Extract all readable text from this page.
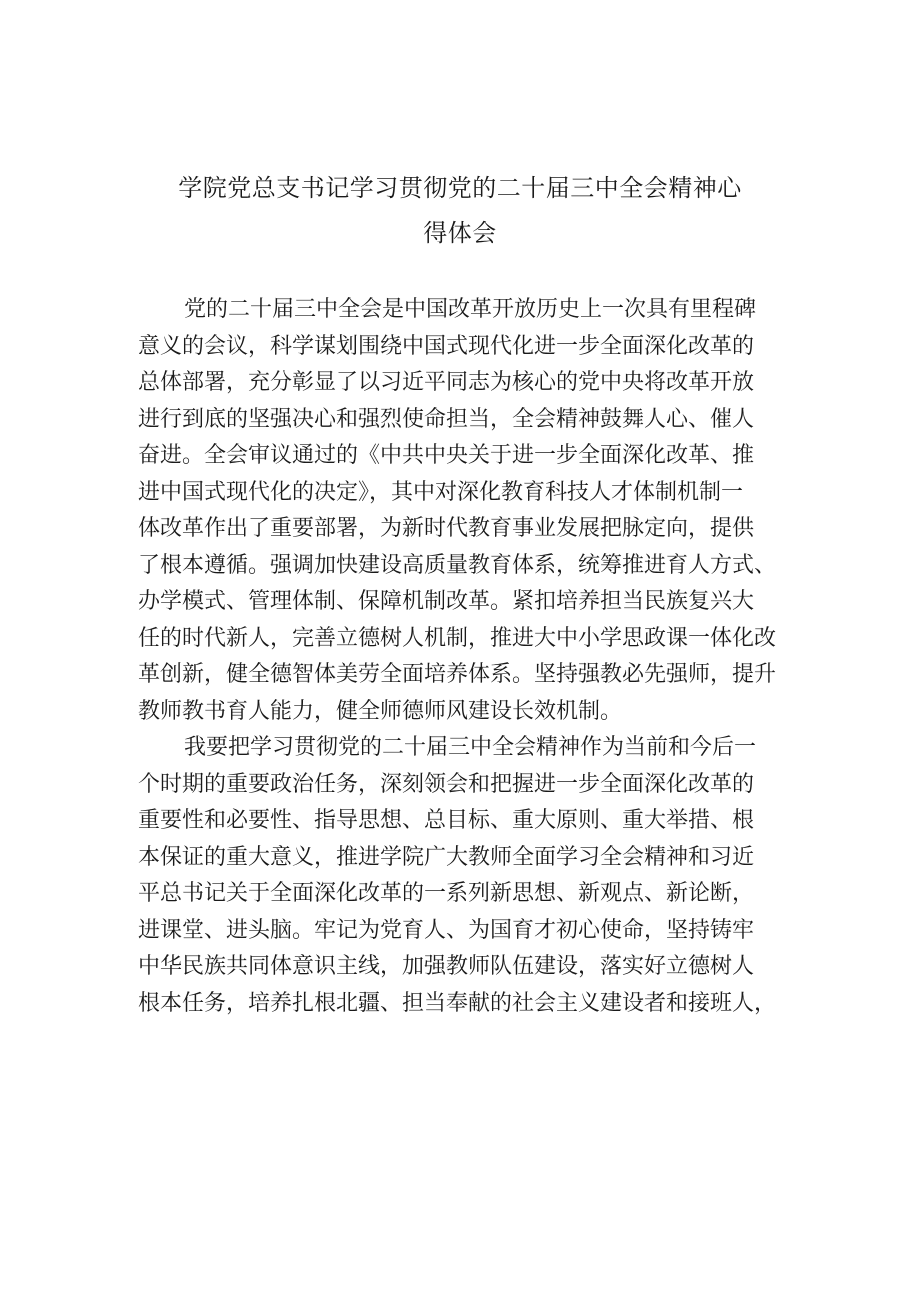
学院党总支书记学习贯彻党的二十届三中全会精神心
得体会
党的二十届三中全会是中国改革开放历史上一次具有里程碑
意义的会议，科学谋划围绕中国式现代化进一步全面深化改革的
总体部署，充分彰显了以习近平同志为核心的党中央将改革开放
进行到底的坚强决心和强烈使命担当，全会精神鼓舞人心、催人
奋进。全会审议通过的《中共中央关于进一步全面深化改革、推
进中国式现代化的决定》，其中对深化教育科技人才体制机制一
体改革作出了重要部署，为新时代教育事业发展把脉定向，提供
了根本遵循。强调加快建设高质量教育体系，统筹推进育人方式、
办学模式、管理体制、保障机制改革。紧扣培养担当民族复兴大
任的时代新人，完善立德树人机制，推进大中小学思政课一体化改
革创新，健全德智体美劳全面培养体系。坚持强教必先强师，提升
教师教书育人能力，健全师德师风建设长效机制。
我要把学习贯彻党的二十届三中全会精神作为当前和今后一
个时期的重要政治任务，深刻领会和把握进一步全面深化改革的
重要性和必要性、指导思想、总目标、重大原则、重大举措、根
本保证的重大意义，推进学院广大教师全面学习全会精神和习近
平总书记关于全面深化改革的一系列新思想、新观点、新论断，
进课堂、进头脑。牢记为党育人、为国育才初心使命，坚持铸牢
中华民族共同体意识主线，加强教师队伍建设，落实好立德树人
根本任务，培养扎根北疆、担当奉献的社会主义建设者和接班人，
